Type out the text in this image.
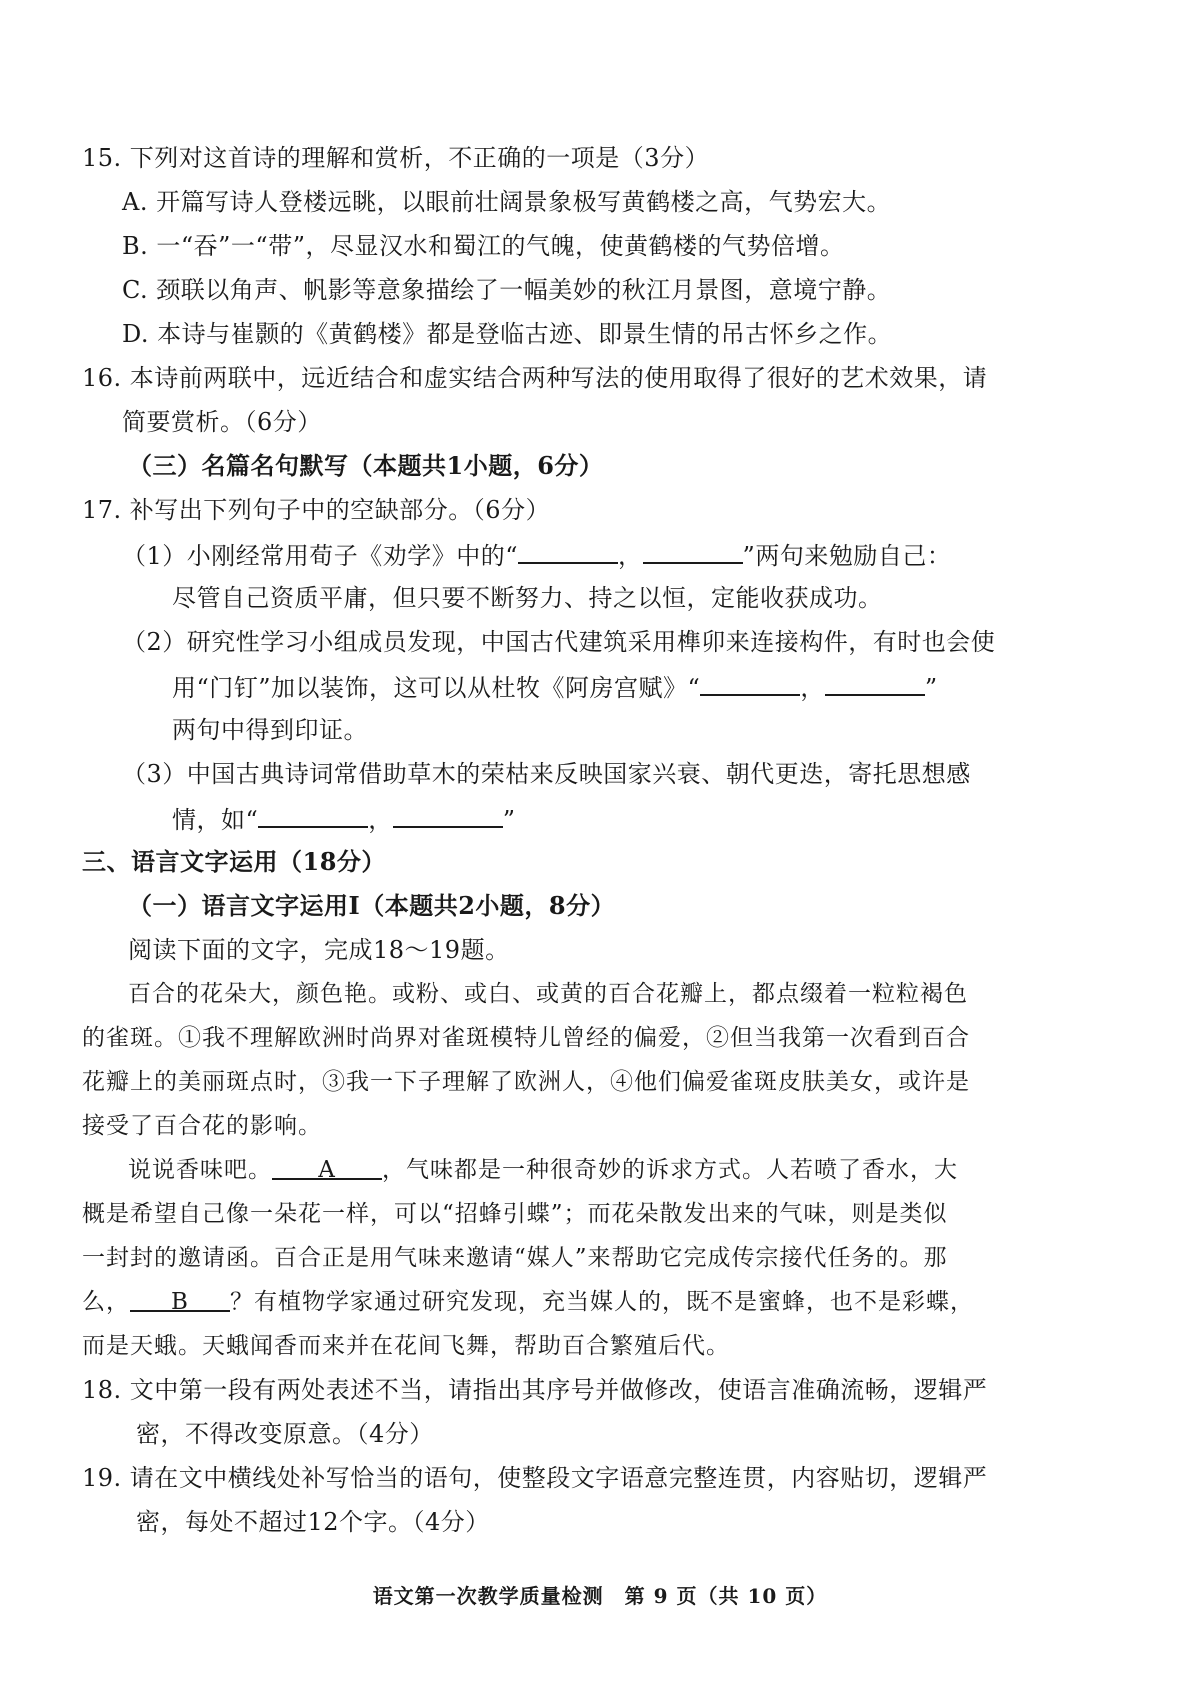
15. 下列对这首诗的理解和赏析，不正确的一项是（3分）
A. 开篇写诗人登楼远眺，以眼前壮阔景象极写黄鹤楼之高，气势宏大。
B. 一“吞”一“带”，尽显汉水和蜀江的气魄，使黄鹤楼的气势倍增。
C. 颈联以角声、帆影等意象描绘了一幅美妙的秋江月景图，意境宁静。
D. 本诗与崔颢的《黄鹤楼》都是登临古迹、即景生情的吊古怀乡之作。
16. 本诗前两联中，远近结合和虚实结合两种写法的使用取得了很好的艺术效果，请
简要赏析。（6分）
（三）名篇名句默写（本题共1小题，6分）
17. 补写出下列句子中的空缺部分。（6分）
（1）小刚经常用荀子《劝学》中的“	，	”两句来勉励自己：
尽管自己资质平庸，但只要不断努力、持之以恒，定能收获成功。
（2）研究性学习小组成员发现，中国古代建筑采用榫卯来连接构件，有时也会使
用“门钉”加以装饰，这可以从杜牧《阿房宫赋》“	，	”
两句中得到印证。
（3）中国古典诗词常借助草木的荣枯来反映国家兴衰、朝代更迭，寄托思想感
情，如“	，	”
三、语言文字运用（18分）
（一）语言文字运用Ⅰ（本题共2小题，8分）
阅读下面的文字，完成18～19题。
百合的花朵大，颜色艳。或粉、或白、或黄的百合花瓣上，都点缀着一粒粒褐色
的雀斑。①我不理解欧洲时尚界对雀斑模特儿曾经的偏爱，②但当我第一次看到百合
花瓣上的美丽斑点时，③我一下子理解了欧洲人，④他们偏爱雀斑皮肤美女，或许是
接受了百合花的影响。
说说香味吧。 A ，气味都是一种很奇妙的诉求方式。人若喷了香水，大
概是希望自己像一朵花一样，可以“招蜂引蝶”；而花朵散发出来的气味，则是类似
一封封的邀请函。百合正是用气味来邀请“媒人”来帮助它完成传宗接代任务的。那
么， B ？有植物学家通过研究发现，充当媒人的，既不是蜜蜂，也不是彩蝶，
而是天蛾。天蛾闻香而来并在花间飞舞，帮助百合繁殖后代。
18. 文中第一段有两处表述不当，请指出其序号并做修改，使语言准确流畅，逻辑严
密，不得改变原意。（4分）
19. 请在文中横线处补写恰当的语句，使整段文字语意完整连贯，内容贴切，逻辑严
密，每处不超过12个字。（4分）
语文第一次教学质量检测　第 9 页（共 10 页）
